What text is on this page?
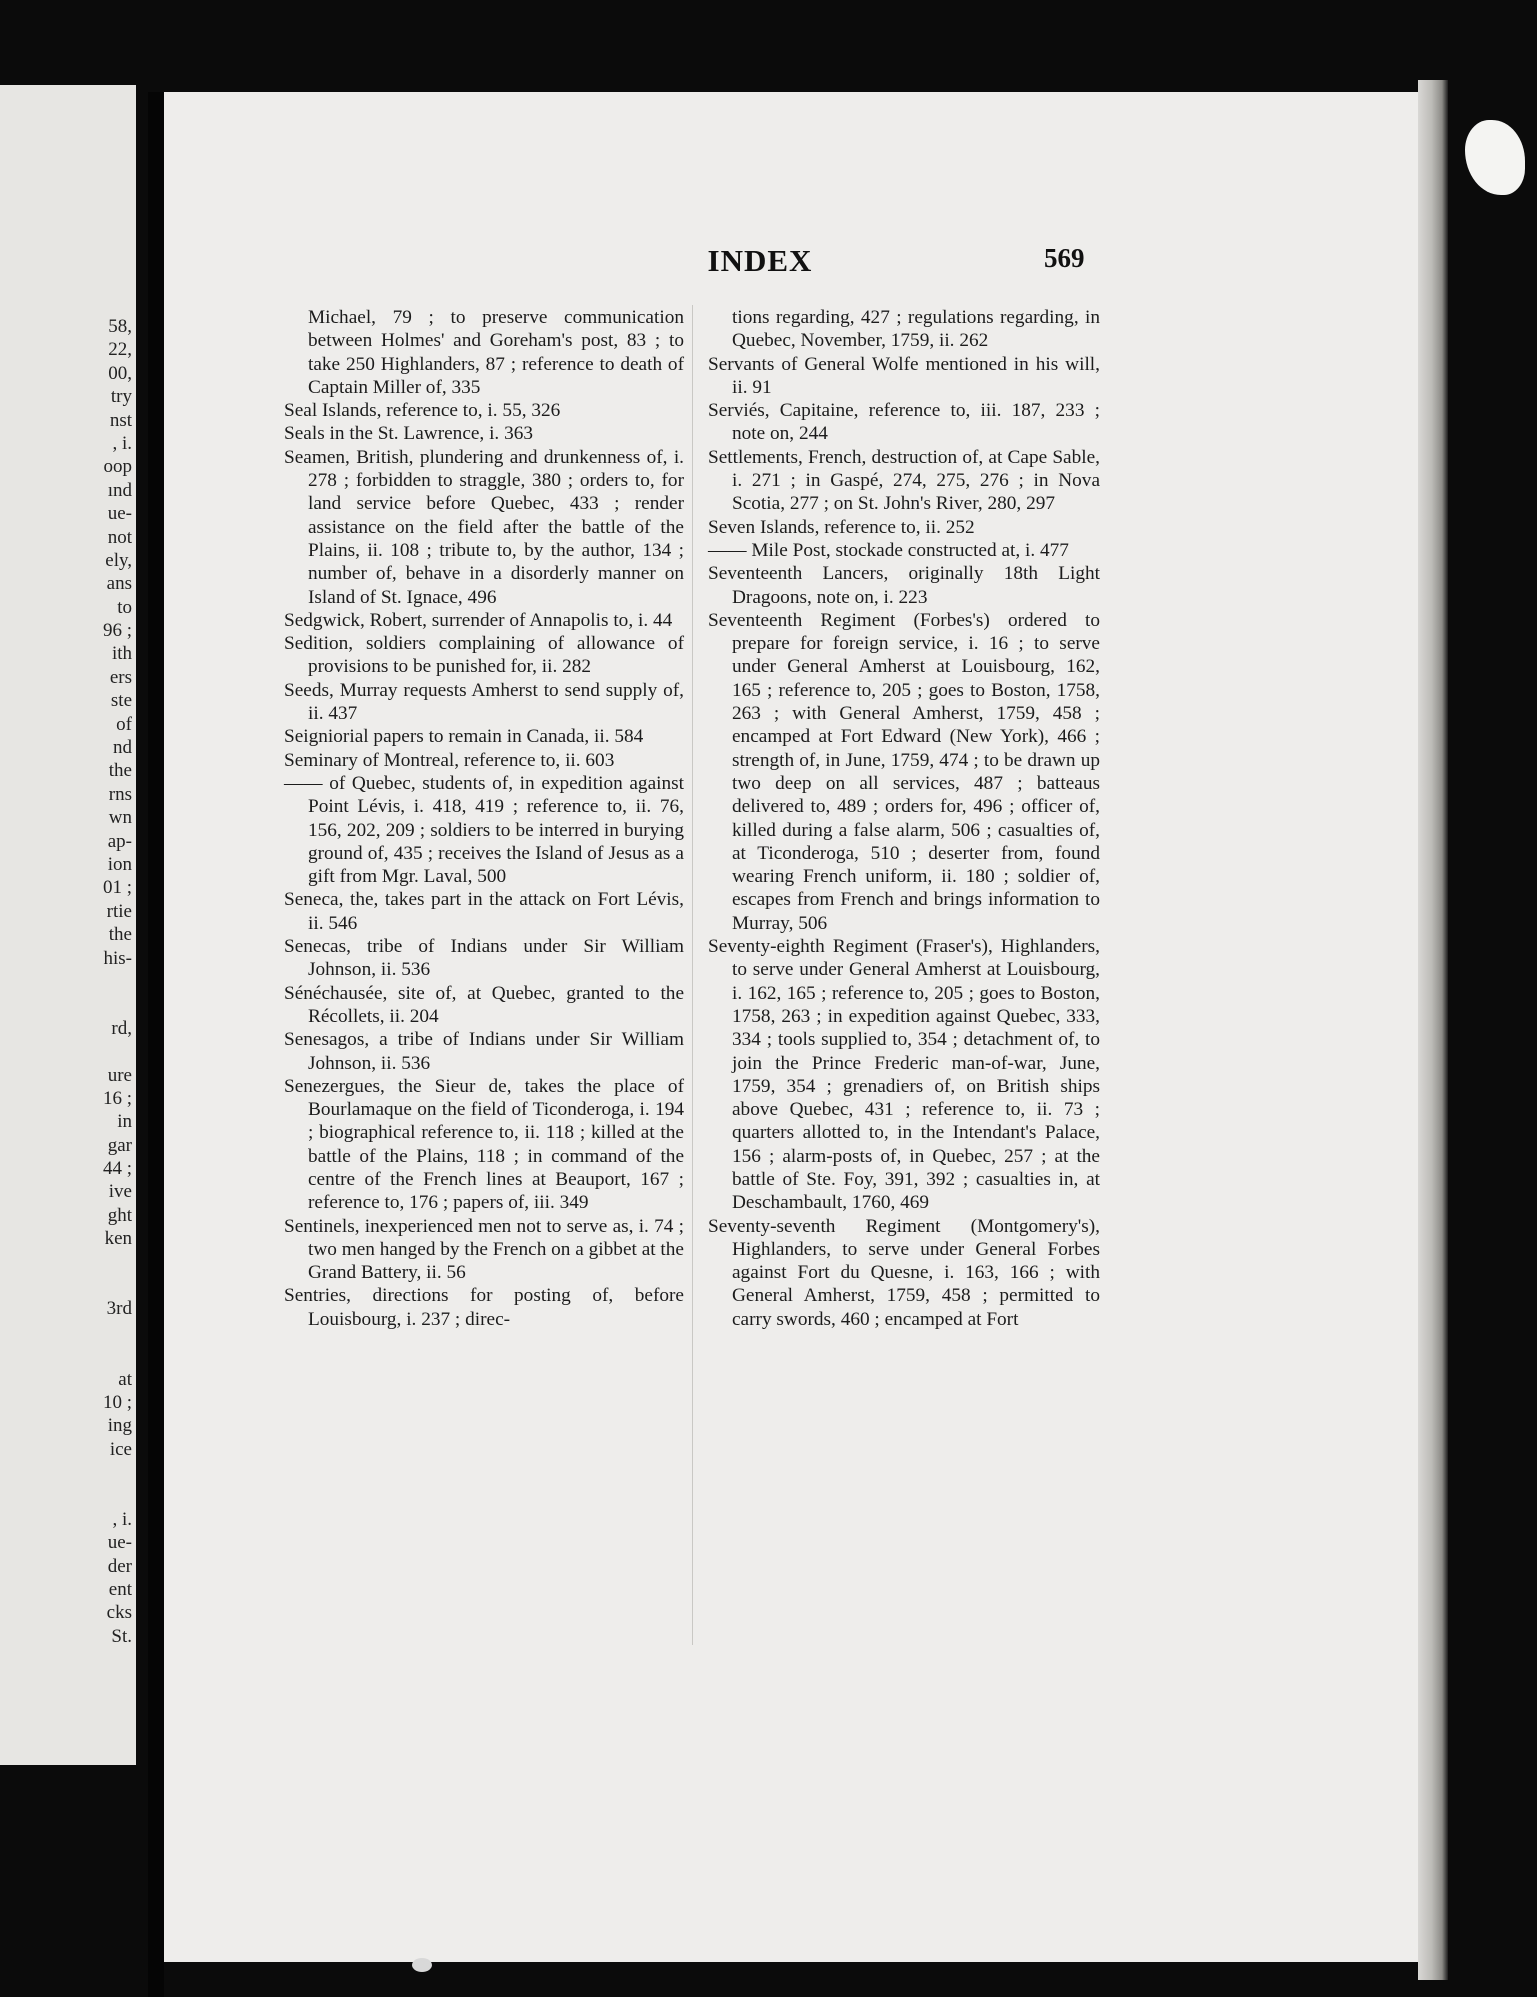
58,
22,
00,
try
nst
, i.
oop
ınd
ue-
not
ely,
ans
to
96 ;
ith
ers
ste
of
nd
the
rns
wn
ap-
ion
01 ;
rtie
the
his-
rd,
ure
16 ;
in
gar
44 ;
ive
ght
ken
3rd
at
10 ;
ing
ice
, i.
ue-
der
ent
cks
St.
INDEX	569
Michael, 79 ; to preserve communication between Holmes' and Goreham's post, 83 ; to take 250 Highlanders, 87 ; reference to death of Captain Miller of, 335
Seal Islands, reference to, i. 55, 326
Seals in the St. Lawrence, i. 363
Seamen, British, plundering and drunkenness of, i. 278 ; forbidden to straggle, 380 ; orders to, for land service before Quebec, 433 ; render assistance on the field after the battle of the Plains, ii. 108 ; tribute to, by the author, 134 ; number of, behave in a disorderly manner on Island of St. Ignace, 496
Sedgwick, Robert, surrender of Annapolis to, i. 44
Sedition, soldiers complaining of allowance of provisions to be punished for, ii. 282
Seeds, Murray requests Amherst to send supply of, ii. 437
Seigniorial papers to remain in Canada, ii. 584
Seminary of Montreal, reference to, ii. 603
—— of Quebec, students of, in expedition against Point Lévis, i. 418, 419 ; reference to, ii. 76, 156, 202, 209 ; soldiers to be interred in burying ground of, 435 ; receives the Island of Jesus as a gift from Mgr. Laval, 500
Seneca, the, takes part in the attack on Fort Lévis, ii. 546
Senecas, tribe of Indians under Sir William Johnson, ii. 536
Sénéchausée, site of, at Quebec, granted to the Récollets, ii. 204
Senesagos, a tribe of Indians under Sir William Johnson, ii. 536
Senezergues, the Sieur de, takes the place of Bourlamaque on the field of Ticonderoga, i. 194 ; biographical reference to, ii. 118 ; killed at the battle of the Plains, 118 ; in command of the centre of the French lines at Beauport, 167 ; reference to, 176 ; papers of, iii. 349
Sentinels, inexperienced men not to serve as, i. 74 ; two men hanged by the French on a gibbet at the Grand Battery, ii. 56
Sentries, directions for posting of, before Louisbourg, i. 237 ; direc-
tions regarding, 427 ; regulations regarding, in Quebec, November, 1759, ii. 262
Servants of General Wolfe mentioned in his will, ii. 91
Serviés, Capitaine, reference to, iii. 187, 233 ; note on, 244
Settlements, French, destruction of, at Cape Sable, i. 271 ; in Gaspé, 274, 275, 276 ; in Nova Scotia, 277 ; on St. John's River, 280, 297
Seven Islands, reference to, ii. 252
—— Mile Post, stockade constructed at, i. 477
Seventeenth Lancers, originally 18th Light Dragoons, note on, i. 223
Seventeenth Regiment (Forbes's) ordered to prepare for foreign service, i. 16 ; to serve under General Amherst at Louisbourg, 162, 165 ; reference to, 205 ; goes to Boston, 1758, 263 ; with General Amherst, 1759, 458 ; encamped at Fort Edward (New York), 466 ; strength of, in June, 1759, 474 ; to be drawn up two deep on all services, 487 ; batteaus delivered to, 489 ; orders for, 496 ; officer of, killed during a false alarm, 506 ; casualties of, at Ticonderoga, 510 ; deserter from, found wearing French uniform, ii. 180 ; soldier of, escapes from French and brings information to Murray, 506
Seventy-eighth Regiment (Fraser's), Highlanders, to serve under General Amherst at Louisbourg, i. 162, 165 ; reference to, 205 ; goes to Boston, 1758, 263 ; in expedition against Quebec, 333, 334 ; tools supplied to, 354 ; detachment of, to join the Prince Frederic man-of-war, June, 1759, 354 ; grenadiers of, on British ships above Quebec, 431 ; reference to, ii. 73 ; quarters allotted to, in the Intendant's Palace, 156 ; alarm-posts of, in Quebec, 257 ; at the battle of Ste. Foy, 391, 392 ; casualties in, at Deschambault, 1760, 469
Seventy-seventh Regiment (Montgomery's), Highlanders, to serve under General Forbes against Fort du Quesne, i. 163, 166 ; with General Amherst, 1759, 458 ; permitted to carry swords, 460 ; encamped at Fort
